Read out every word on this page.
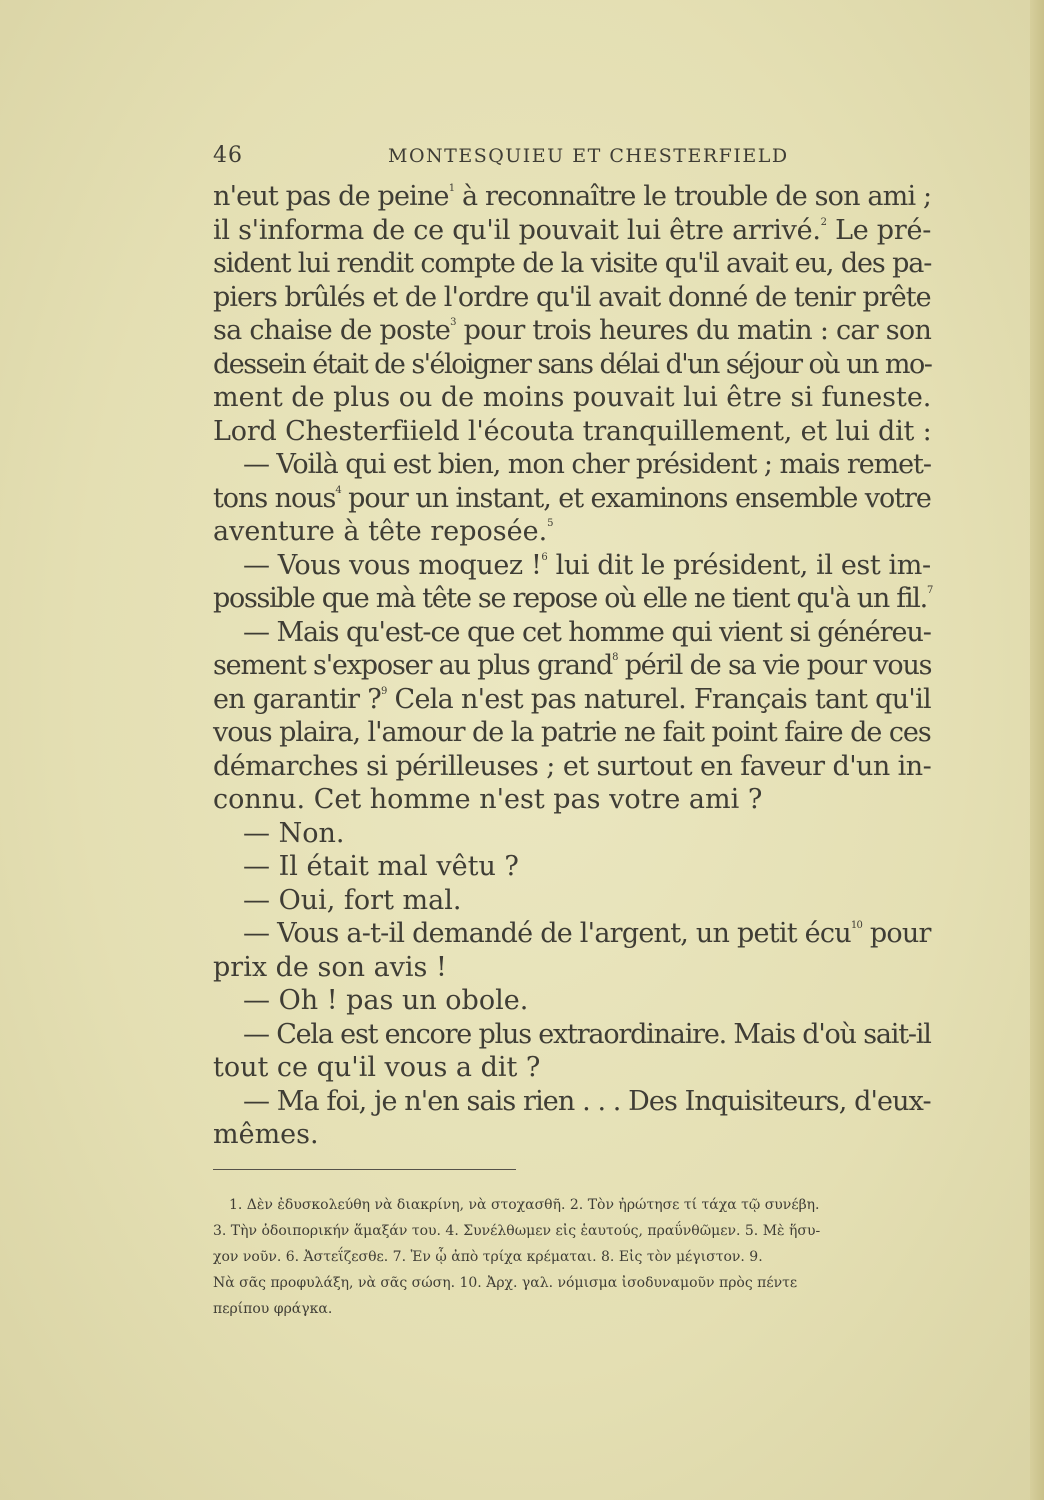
46	MONTESQUIEU ET CHESTERFIELD
n'eut pas de peine$^1$ à reconnaître le trouble de son ami ;
il s'informa de ce qu'il pouvait lui être arrivé.$^2$ Le pré-
sident lui rendit compte de la visite qu'il avait eu, des pa-
piers brûlés et de l'ordre qu'il avait donné de tenir prête
sa chaise de poste$^3$ pour trois heures du matin : car son
dessein était de s'éloigner sans délai d'un séjour où un mo-
ment de plus ou de moins pouvait lui être si funeste.
Lord Chesterfiield l'écouta tranquillement, et lui dit :
— Voilà qui est bien, mon cher président ; mais remet-
tons nous$^4$ pour un instant, et examinons ensemble votre
aventure à tête reposée.$^5$
— Vous vous moquez !$^6$ lui dit le président, il est im-
possible que mà tête se repose où elle ne tient qu'à un fil.$^7$
— Mais qu'est-ce que cet homme qui vient si généreu-
sement s'exposer au plus grand$^8$ péril de sa vie pour vous
en garantir ?$^9$ Cela n'est pas naturel. Français tant qu'il
vous plaira, l'amour de la patrie ne fait point faire de ces
démarches si périlleuses ; et surtout en faveur d'un in-
connu. Cet homme n'est pas votre ami ?
— Non.
— Il était mal vêtu ?
— Oui, fort mal.
— Vous a-t-il demandé de l'argent, un petit écu$^{10}$ pour
prix de son avis !
— Oh ! pas un obole.
— Cela est encore plus extraordinaire. Mais d'où sait-il
tout ce qu'il vous a dit ?
— Ma foi, je n'en sais rien . . . Des Inquisiteurs, d'eux-
mêmes.
1. Δὲν ἐδυσκολεύθη νὰ διακρίνη, νὰ στοχασθῆ. 2. Τὸν ἠρώτησε τί τάχα τῷ συνέβη.
3. Τὴν ὁδοιπορικήν ἅμαξάν του. 4. Συνέλθωμεν εἰς ἑαυτούς, πραΰνθῶμεν. 5. Μὲ ἥσυ-
χον νοῦν. 6. Ἀστεΐζεσθε. 7. Ἐν ᾧ ἀπὸ τρίχα κρέμαται. 8. Εἰς τὸν μέγιστον. 9.
Νὰ σᾶς προφυλάξη, νὰ σᾶς σώση. 10. Ἀρχ. γαλ. νόμισμα ἰσοδυναμοῦν πρὸς πέντε
περίπου φράγκα.
